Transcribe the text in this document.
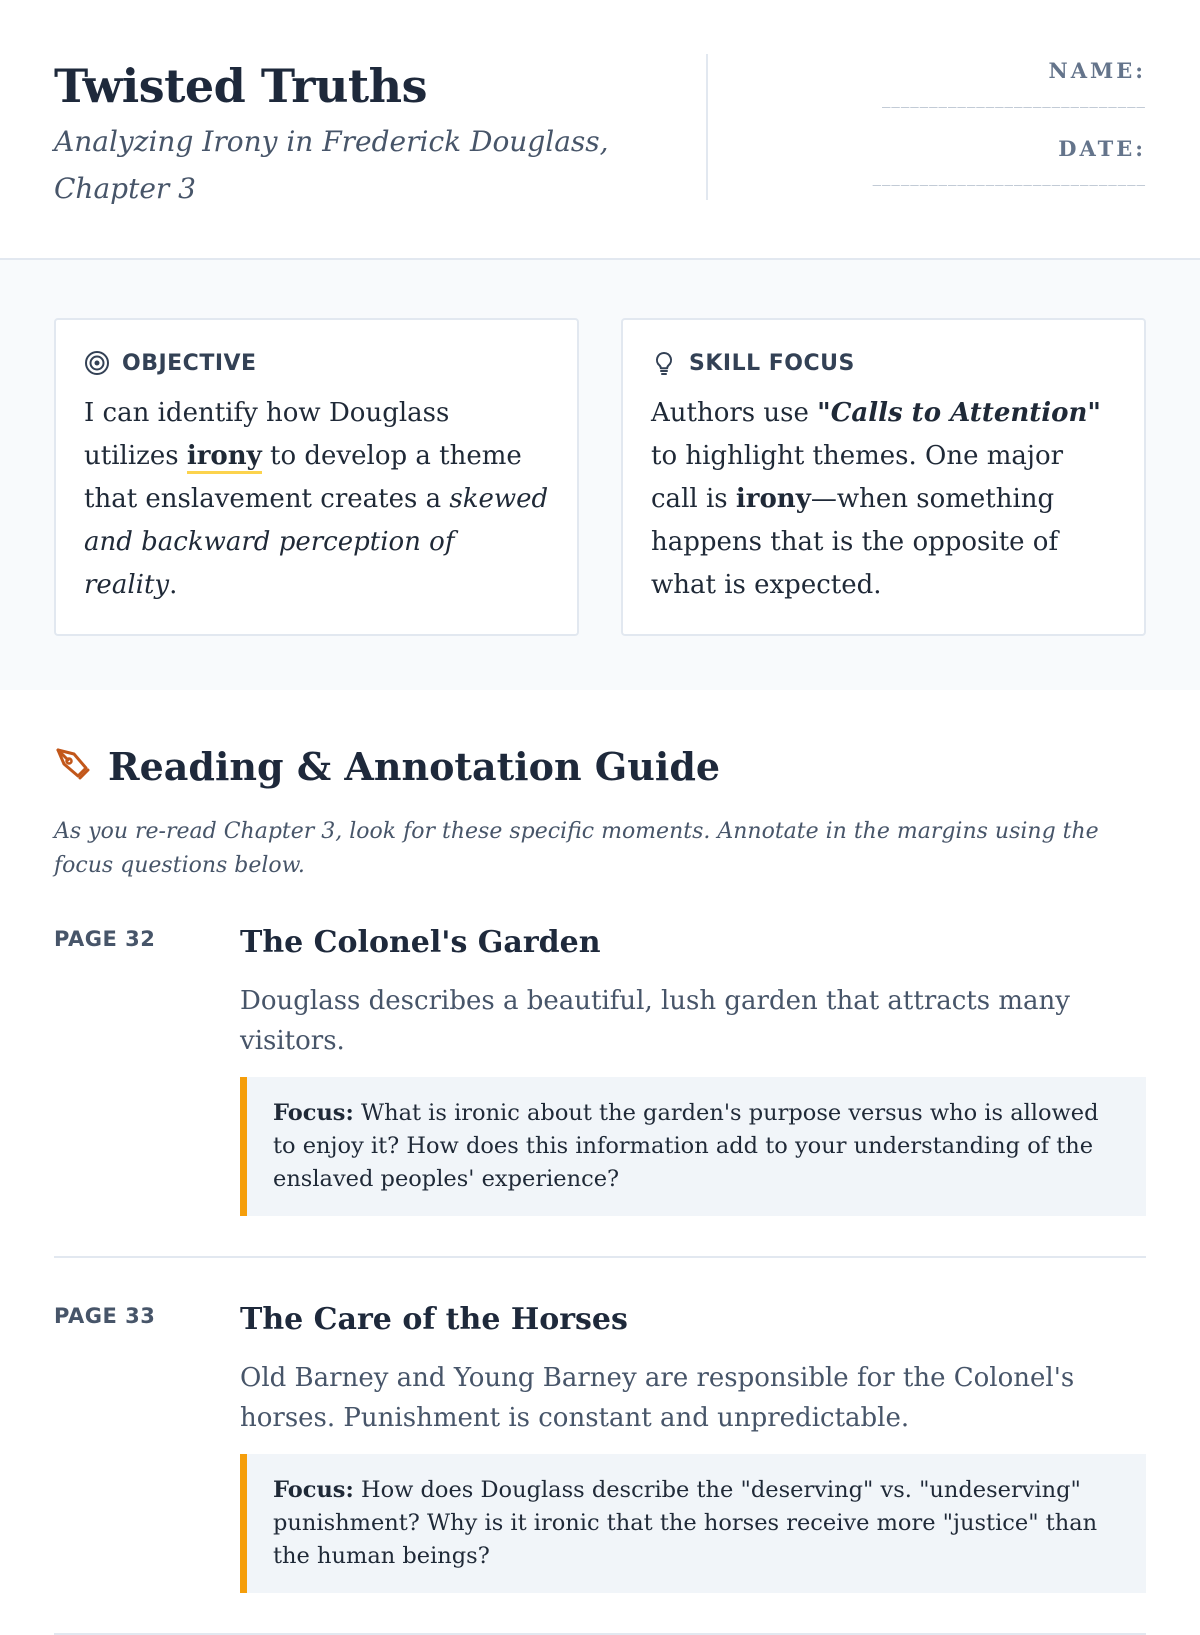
Twisted Truths

Analyzing Irony in Frederick Douglass, Chapter 3

NAME:
____________________________
DATE:
_____________________________
OBJECTIVE
I can identify how Douglass utilizes irony to develop a theme that enslavement creates a skewed and backward perception of reality.
SKILL FOCUS
Authors use "Calls to Attention" to highlight themes. One major call is irony—when something happens that is the opposite of what is expected.
Reading & Annotation Guide

As you re-read Chapter 3, look for these specific moments. Annotate in the margins using the focus questions below.

PAGE 32	The Colonel's Garden

Douglass describes a beautiful, lush garden that attracts many visitors.

Focus: What is ironic about the garden's purpose versus who is allowed to enjoy it? How does this information add to your understanding of the enslaved peoples' experience?
PAGE 33	The Care of the Horses

Old Barney and Young Barney are responsible for the Colonel's horses. Punishment is constant and unpredictable.

Focus: How does Douglass describe the "deserving" vs. "undeserving" punishment? Why is it ironic that the horses receive more "justice" than the human beings?
